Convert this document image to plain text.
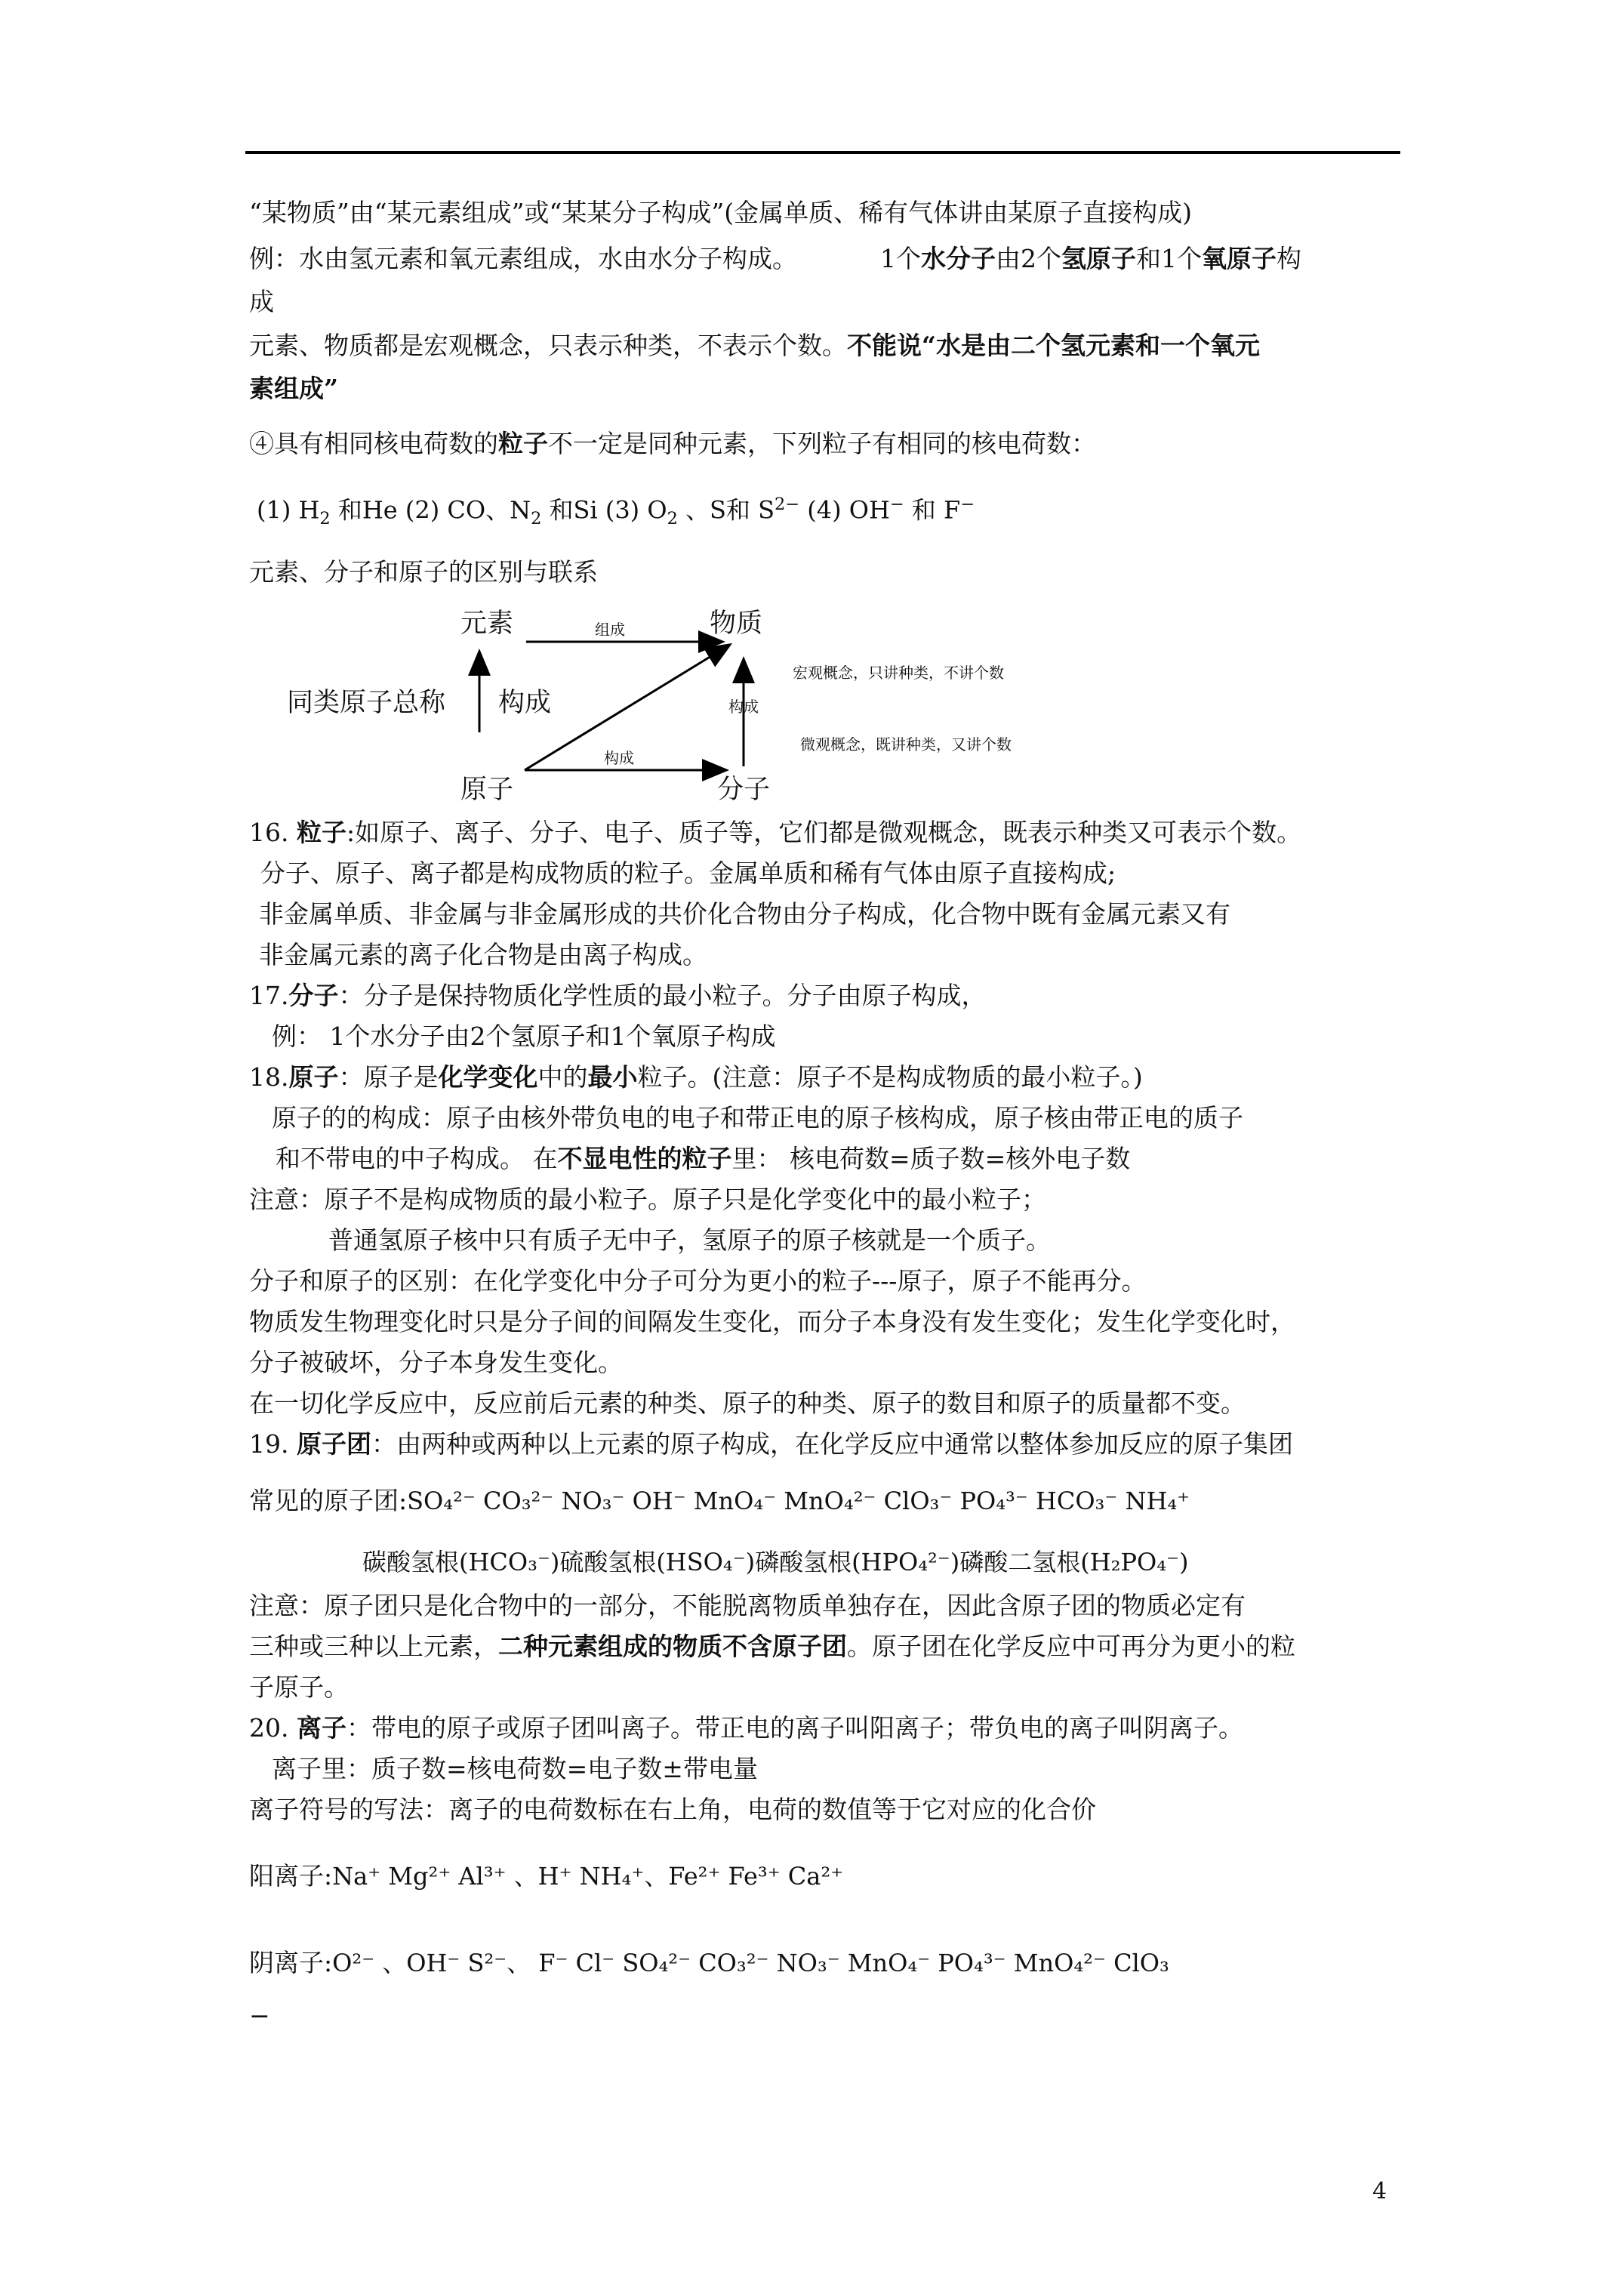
“某物质”由“某元素组成”或“某某分子构成”(金属单质、稀有气体讲由某原子直接构成)
例：水由氢元素和氧元素组成，水由水分子构成。	1个水分子由2个氢原子和1个氧原子构
成
元素、物质都是宏观概念，只表示种类，不表示个数。不能说“水是由二个氢元素和一个氧元
素组成”
④具有相同核电荷数的粒子不一定是同种元素，下列粒子有相同的核电荷数：
(1) $H_2$ 和He (2) CO、$N_2$ 和Si (3) $O_2$ 、S和 $S^{2-}$ (4) OH− 和 F−
元素、分子和原子的区别与联系
元素	物质
原子	分子
组成
构成
同类原子总称	构成
构成
宏观概念，只讲种类，不讲个数
微观概念，既讲种类，又讲个数
16. 粒子:如原子、离子、分子、电子、质子等，它们都是微观概念，既表示种类又可表示个数。
分子、原子、离子都是构成物质的粒子。金属单质和稀有气体由原子直接构成;
非金属单质、非金属与非金属形成的共价化合物由分子构成，化合物中既有金属元素又有
非金属元素的离子化合物是由离子构成。
17.分子：分子是保持物质化学性质的最小粒子。分子由原子构成，
例： 1个水分子由2个氢原子和1个氧原子构成
18.原子：原子是化学变化中的最小粒子。(注意：原子不是构成物质的最小粒子。)
原子的的构成：原子由核外带负电的电子和带正电的原子核构成，原子核由带正电的质子
和不带电的中子构成。 在不显电性的粒子里： 核电荷数=质子数=核外电子数
注意：原子不是构成物质的最小粒子。原子只是化学变化中的最小粒子；
普通氢原子核中只有质子无中子，氢原子的原子核就是一个质子。
分子和原子的区别：在化学变化中分子可分为更小的粒子---原子，原子不能再分。
物质发生物理变化时只是分子间的间隔发生变化，而分子本身没有发生变化；发生化学变化时，
分子被破坏，分子本身发生变化。
在一切化学反应中，反应前后元素的种类、原子的种类、原子的数目和原子的质量都不变。
19. 原子团：由两种或两种以上元素的原子构成，在化学反应中通常以整体参加反应的原子集团
常见的原子团:SO₄²⁻ CO₃²⁻ NO₃⁻ OH⁻ MnO₄⁻ MnO₄²⁻ ClO₃⁻ PO₄³⁻ HCO₃⁻ NH₄⁺
碳酸氢根(HCO₃⁻)硫酸氢根(HSO₄⁻)磷酸氢根(HPO₄²⁻)磷酸二氢根(H₂PO₄⁻)
注意：原子团只是化合物中的一部分，不能脱离物质单独存在，因此含原子团的物质必定有
三种或三种以上元素，二种元素组成的物质不含原子团。原子团在化学反应中可再分为更小的粒
子原子。
20. 离子：带电的原子或原子团叫离子。带正电的离子叫阳离子；带负电的离子叫阴离子。
离子里：质子数=核电荷数=电子数±带电量
离子符号的写法：离子的电荷数标在右上角，电荷的数值等于它对应的化合价
阳离子:Na⁺ Mg²⁺ Al³⁺ 、H⁺ NH₄⁺、Fe²⁺ Fe³⁺ Ca²⁺
阴离子:O²⁻ 、OH⁻ S²⁻、 F⁻ Cl⁻ SO₄²⁻ CO₃²⁻ NO₃⁻ MnO₄⁻ PO₄³⁻ MnO₄²⁻ ClO₃
−
4
